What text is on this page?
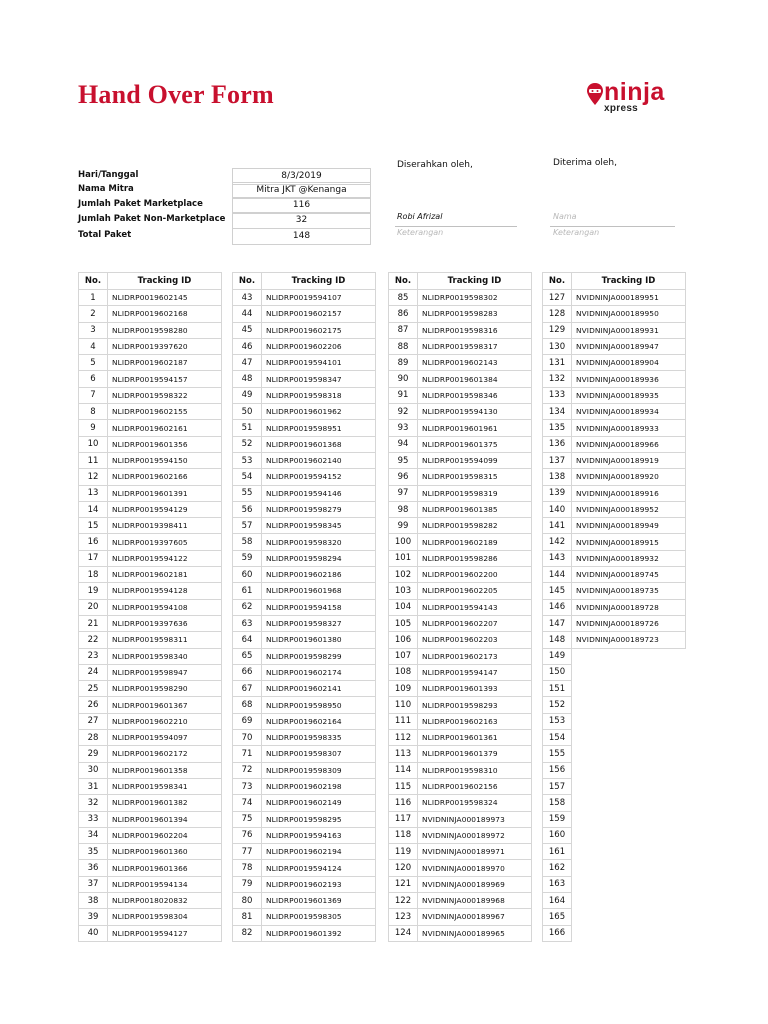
Hand Over Form	ninja
xpress
Hari/Tanggal	8/3/2019
Nama Mitra	Mitra JKT @Kenanga
Jumlah Paket Marketplace	116
Jumlah Paket Non-Marketplace	32
Total Paket	148
Diserahkan oleh,
Robi Afrizal
Keterangan
Diterima oleh,
Nama
Keterangan
No.	Tracking ID
1	NLIDRP0019602145
2	NLIDRP0019602168
3	NLIDRP0019598280
4	NLIDRP0019397620
5	NLIDRP0019602187
6	NLIDRP0019594157
7	NLIDRP0019598322
8	NLIDRP0019602155
9	NLIDRP0019602161
10	NLIDRP0019601356
11	NLIDRP0019594150
12	NLIDRP0019602166
13	NLIDRP0019601391
14	NLIDRP0019594129
15	NLIDRP0019398411
16	NLIDRP0019397605
17	NLIDRP0019594122
18	NLIDRP0019602181
19	NLIDRP0019594128
20	NLIDRP0019594108
21	NLIDRP0019397636
22	NLIDRP0019598311
23	NLIDRP0019598340
24	NLIDRP0019598947
25	NLIDRP0019598290
26	NLIDRP0019601367
27	NLIDRP0019602210
28	NLIDRP0019594097
29	NLIDRP0019602172
30	NLIDRP0019601358
31	NLIDRP0019598341
32	NLIDRP0019601382
33	NLIDRP0019601394
34	NLIDRP0019602204
35	NLIDRP0019601360
36	NLIDRP0019601366
37	NLIDRP0019594134
38	NLIDRP0018020832
39	NLIDRP0019598304
40	NLIDRP0019594127
No.	Tracking ID
43	NLIDRP0019594107
44	NLIDRP0019602157
45	NLIDRP0019602175
46	NLIDRP0019602206
47	NLIDRP0019594101
48	NLIDRP0019598347
49	NLIDRP0019598318
50	NLIDRP0019601962
51	NLIDRP0019598951
52	NLIDRP0019601368
53	NLIDRP0019602140
54	NLIDRP0019594152
55	NLIDRP0019594146
56	NLIDRP0019598279
57	NLIDRP0019598345
58	NLIDRP0019598320
59	NLIDRP0019598294
60	NLIDRP0019602186
61	NLIDRP0019601968
62	NLIDRP0019594158
63	NLIDRP0019598327
64	NLIDRP0019601380
65	NLIDRP0019598299
66	NLIDRP0019602174
67	NLIDRP0019602141
68	NLIDRP0019598950
69	NLIDRP0019602164
70	NLIDRP0019598335
71	NLIDRP0019598307
72	NLIDRP0019598309
73	NLIDRP0019602198
74	NLIDRP0019602149
75	NLIDRP0019598295
76	NLIDRP0019594163
77	NLIDRP0019602194
78	NLIDRP0019594124
79	NLIDRP0019602193
80	NLIDRP0019601369
81	NLIDRP0019598305
82	NLIDRP0019601392
No.	Tracking ID
85	NLIDRP0019598302
86	NLIDRP0019598283
87	NLIDRP0019598316
88	NLIDRP0019598317
89	NLIDRP0019602143
90	NLIDRP0019601384
91	NLIDRP0019598346
92	NLIDRP0019594130
93	NLIDRP0019601961
94	NLIDRP0019601375
95	NLIDRP0019594099
96	NLIDRP0019598315
97	NLIDRP0019598319
98	NLIDRP0019601385
99	NLIDRP0019598282
100	NLIDRP0019602189
101	NLIDRP0019598286
102	NLIDRP0019602200
103	NLIDRP0019602205
104	NLIDRP0019594143
105	NLIDRP0019602207
106	NLIDRP0019602203
107	NLIDRP0019602173
108	NLIDRP0019594147
109	NLIDRP0019601393
110	NLIDRP0019598293
111	NLIDRP0019602163
112	NLIDRP0019601361
113	NLIDRP0019601379
114	NLIDRP0019598310
115	NLIDRP0019602156
116	NLIDRP0019598324
117	NVIDNINJA000189973
118	NVIDNINJA000189972
119	NVIDNINJA000189971
120	NVIDNINJA000189970
121	NVIDNINJA000189969
122	NVIDNINJA000189968
123	NVIDNINJA000189967
124	NVIDNINJA000189965
No.	Tracking ID
127	NVIDNINJA000189951
128	NVIDNINJA000189950
129	NVIDNINJA000189931
130	NVIDNINJA000189947
131	NVIDNINJA000189904
132	NVIDNINJA000189936
133	NVIDNINJA000189935
134	NVIDNINJA000189934
135	NVIDNINJA000189933
136	NVIDNINJA000189966
137	NVIDNINJA000189919
138	NVIDNINJA000189920
139	NVIDNINJA000189916
140	NVIDNINJA000189952
141	NVIDNINJA000189949
142	NVIDNINJA000189915
143	NVIDNINJA000189932
144	NVIDNINJA000189745
145	NVIDNINJA000189735
146	NVIDNINJA000189728
147	NVIDNINJA000189726
148	NVIDNINJA000189723
149	
150	
151	
152	
153	
154	
155	
156	
157	
158	
159	
160	
161	
162	
163	
164	
165	
166	
